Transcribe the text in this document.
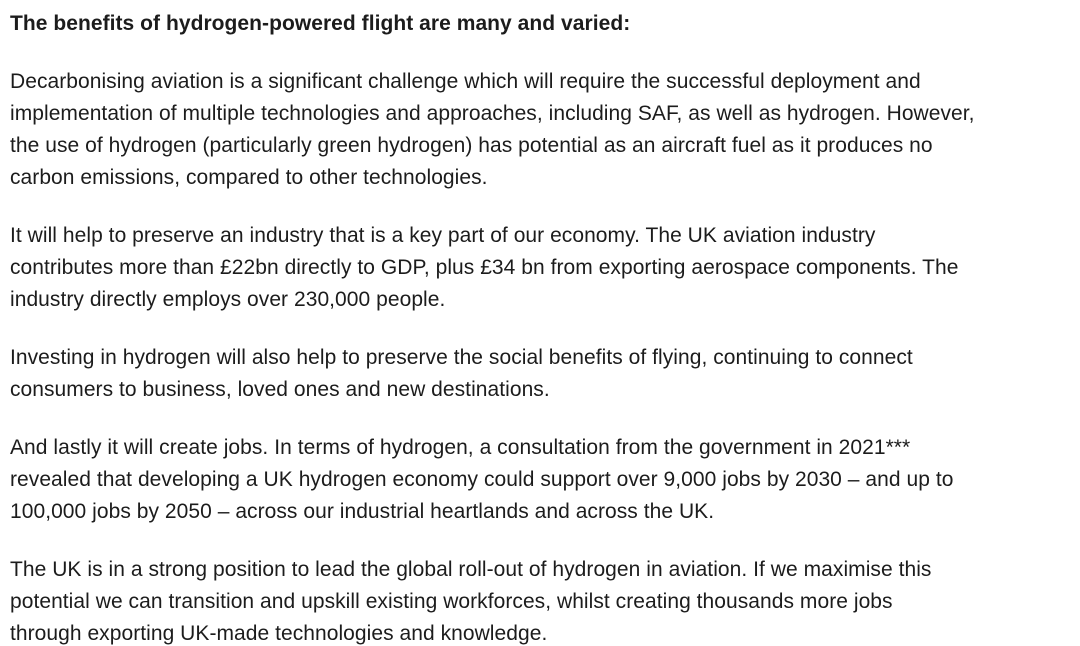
The benefits of hydrogen-powered flight are many and varied:

Decarbonising aviation is a significant challenge which will require the successful deployment and
implementation of multiple technologies and approaches, including SAF, as well as hydrogen. However,
the use of hydrogen (particularly green hydrogen) has potential as an aircraft fuel as it produces no
carbon emissions, compared to other technologies.

It will help to preserve an industry that is a key part of our economy. The UK aviation industry
contributes more than £22bn directly to GDP, plus £34 bn from exporting aerospace components. The
industry directly employs over 230,000 people.

Investing in hydrogen will also help to preserve the social benefits of flying, continuing to connect
consumers to business, loved ones and new destinations.

And lastly it will create jobs. In terms of hydrogen, a consultation from the government in 2021***
revealed that developing a UK hydrogen economy could support over 9,000 jobs by 2030 – and up to
100,000 jobs by 2050 – across our industrial heartlands and across the UK.

The UK is in a strong position to lead the global roll-out of hydrogen in aviation. If we maximise this
potential we can transition and upskill existing workforces, whilst creating thousands more jobs
through exporting UK-made technologies and knowledge.
